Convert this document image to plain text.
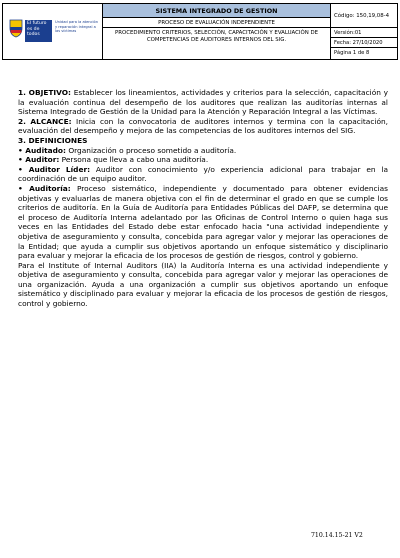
El futuro es de todos
Unidad para la atención y reparación integral a las víctimas
SISTEMA INTEGRADO DE GESTION
PROCESO DE EVALUACIÓN INDEPENDIENTE
PROCEDIMIENTO CRITERIOS, SELECCIÓN, CAPACITACIÓN Y EVALUACIÓN DE COMPETENCIAS DE AUDITORES INTERNOS DEL SIG.
Código: 150,19,08-4
Versión:01
Fecha: 27/10/2020
Página 1 de 8

1. OBJETIVO: Establecer los lineamientos, actividades y criterios para la selección, capacitación y la evaluación continua del desempeño de los auditores que realizan las auditorías internas al Sistema Integrado de Gestión de la Unidad para la Atención y Reparación Integral a las Víctimas.

2. ALCANCE: Inicia con la convocatoria de auditores internos y termina con la capacitación, evaluación del desempeño y mejora de las competencias de los auditores internos del SIG.

3. DEFINICIONES

• Auditado: Organización o proceso sometido a auditoría.

• Auditor: Persona que lleva a cabo una auditoría.

• Auditor Líder: Auditor con conocimiento y/o experiencia adicional para trabajar en la coordinación de un equipo auditor.

• Auditoría: Proceso sistemático, independiente y documentado para obtener evidencias objetivas y evaluarlas de manera objetiva con el fin de determinar el grado en que se cumple los criterios de auditoría. En la Guía de Auditoría para Entidades Públicas del DAFP, se determina que el proceso de Auditoría Interna adelantado por las Oficinas de Control Interno o quien haga sus veces en las Entidades del Estado debe estar enfocado hacia "una actividad independiente y objetiva de aseguramiento y consulta, concebida para agregar valor y mejorar las operaciones de la Entidad; que ayuda a cumplir sus objetivos aportando un enfoque sistemático y disciplinario para evaluar y mejorar la eficacia de los procesos de gestión de riesgos, control y gobierno.

Para el Institute of Internal Auditors (IIA) la Auditoría Interna es una actividad independiente y objetiva de aseguramiento y consulta, concebida para agregar valor y mejorar las operaciones de una organización. Ayuda a una organización a cumplir sus objetivos aportando un enfoque sistemático y disciplinado para evaluar y mejorar la eficacia de los procesos de gestión de riesgos, control y gobierno.

710.14.15-21 V2
